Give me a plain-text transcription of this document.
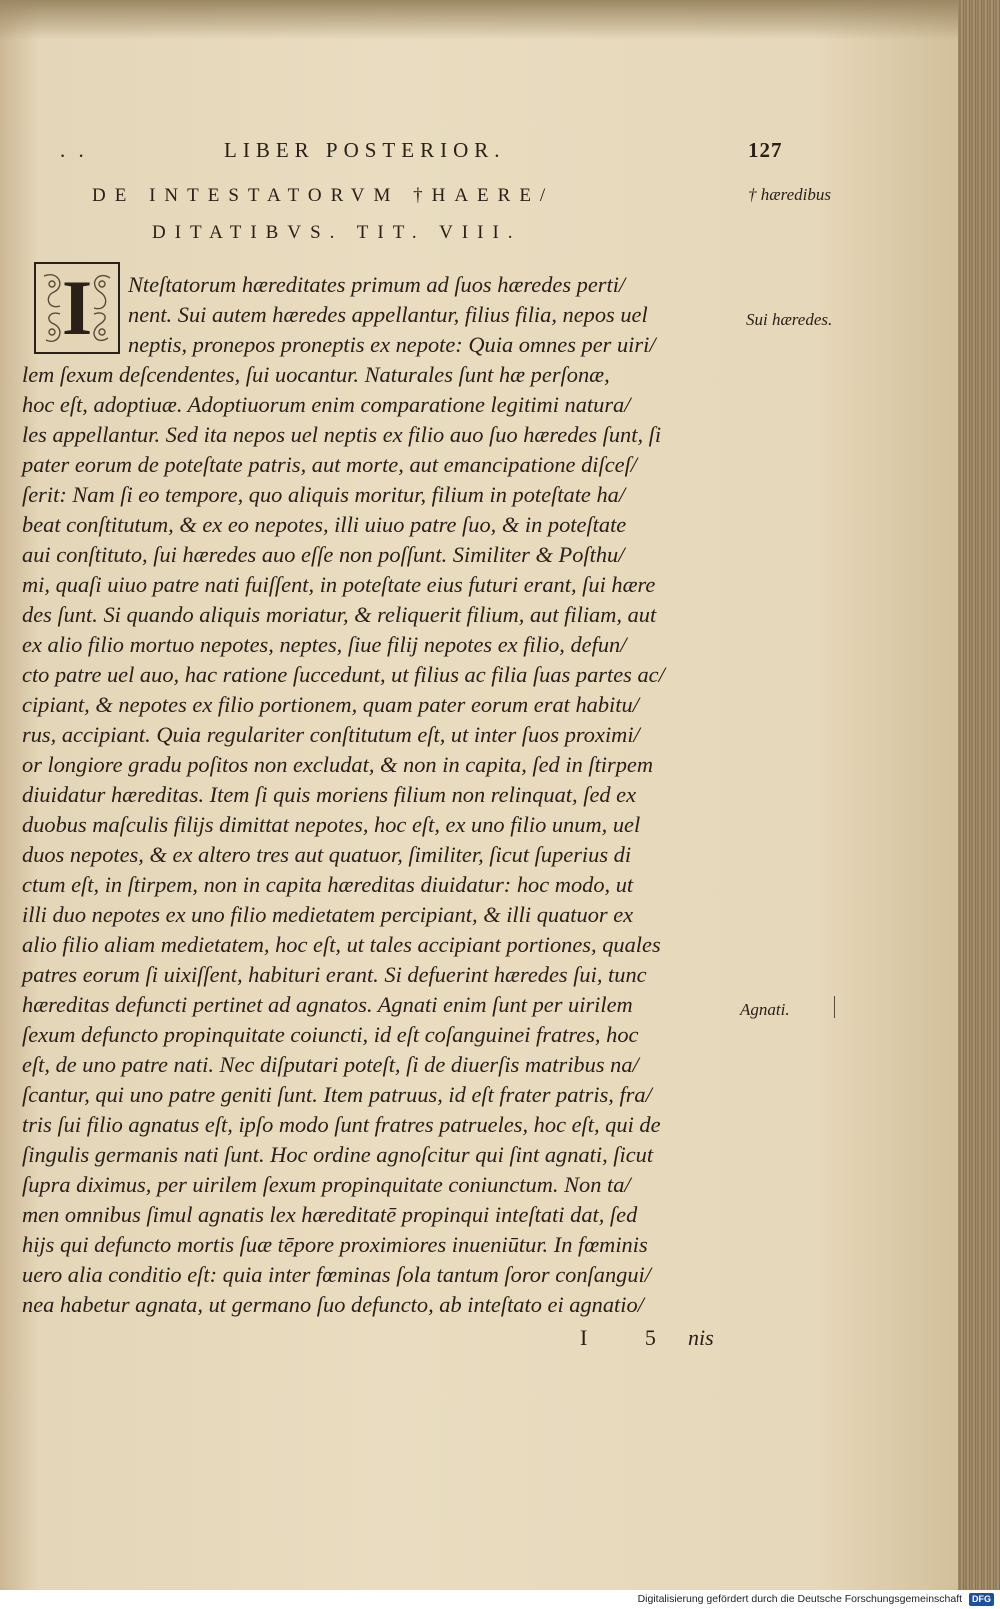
. .	LIBER POSTERIOR.	127
DE INTESTATORVM †HAERE/
DITATIBVS. TIT. VIII.
† hæredibus
Sui hæredes.
Agnati.
I	Nteſtatorum hæreditates primum ad ſuos hæredes perti/
nent. Sui autem hæredes appellantur, filius filia, nepos uel
neptis, pronepos proneptis ex nepote: Quia omnes per uiri/
lem ſexum deſcendentes, ſui uocantur. Naturales ſunt hæ perſonæ,
hoc eſt, adoptiuæ. Adoptiuorum enim comparatione legitimi natura/
les appellantur. Sed ita nepos uel neptis ex filio auo ſuo hæredes ſunt, ſi
pater eorum de poteſtate patris, aut morte, aut emancipatione diſceſ/
ſerit: Nam ſi eo tempore, quo aliquis moritur, filium in poteſtate ha/
beat conſtitutum, & ex eo nepotes, illi uiuo patre ſuo, & in poteſtate
aui conſtituto, ſui hæredes auo eſſe non poſſunt. Similiter & Poſthu/
mi, quaſi uiuo patre nati fuiſſent, in poteſtate eius futuri erant, ſui hære
des ſunt. Si quando aliquis moriatur, & reliquerit filium, aut filiam, aut
ex alio filio mortuo nepotes, neptes, ſiue filij nepotes ex filio, defun/
cto patre uel auo, hac ratione ſuccedunt, ut filius ac filia ſuas partes ac/
cipiant, & nepotes ex filio portionem, quam pater eorum erat habitu/
rus, accipiant. Quia regulariter conſtitutum eſt, ut inter ſuos proximi/
or longiore gradu poſitos non excludat, & non in capita, ſed in ſtirpem
diuidatur hæreditas. Item ſi quis moriens filium non relinquat, ſed ex
duobus maſculis filijs dimittat nepotes, hoc eſt, ex uno filio unum, uel
duos nepotes, & ex altero tres aut quatuor, ſimiliter, ſicut ſuperius di
ctum eſt, in ſtirpem, non in capita hæreditas diuidatur: hoc modo, ut
illi duo nepotes ex uno filio medietatem percipiant, & illi quatuor ex
alio filio aliam medietatem, hoc eſt, ut tales accipiant portiones, quales
patres eorum ſi uixiſſent, habituri erant. Si defuerint hæredes ſui, tunc
hæreditas defuncti pertinet ad agnatos. Agnati enim ſunt per uirilem
ſexum defuncto propinquitate coiuncti, id eſt coſanguinei fratres, hoc
eſt, de uno patre nati. Nec diſputari poteſt, ſi de diuerſis matribus na/
ſcantur, qui uno patre geniti ſunt. Item patruus, id eſt frater patris, fra/
tris ſui filio agnatus eſt, ipſo modo ſunt fratres patrueles, hoc eſt, qui de
ſingulis germanis nati ſunt. Hoc ordine agnoſcitur qui ſint agnati, ſicut
ſupra diximus, per uirilem ſexum propinquitate coniunctum. Non ta/
men omnibus ſimul agnatis lex hæreditatē propinqui inteſtati dat, ſed
hijs qui defuncto mortis ſuæ tēpore proximiores inueniūtur. In fœminis
uero alia conditio eſt: quia inter fœminas ſola tantum ſoror conſangui/
nea habetur agnata, ut germano ſuo defuncto, ab inteſtato ei agnatio/
I 5 nis
Digitalisierung gefördert durch die Deutsche Forschungsgemeinschaft DFG
